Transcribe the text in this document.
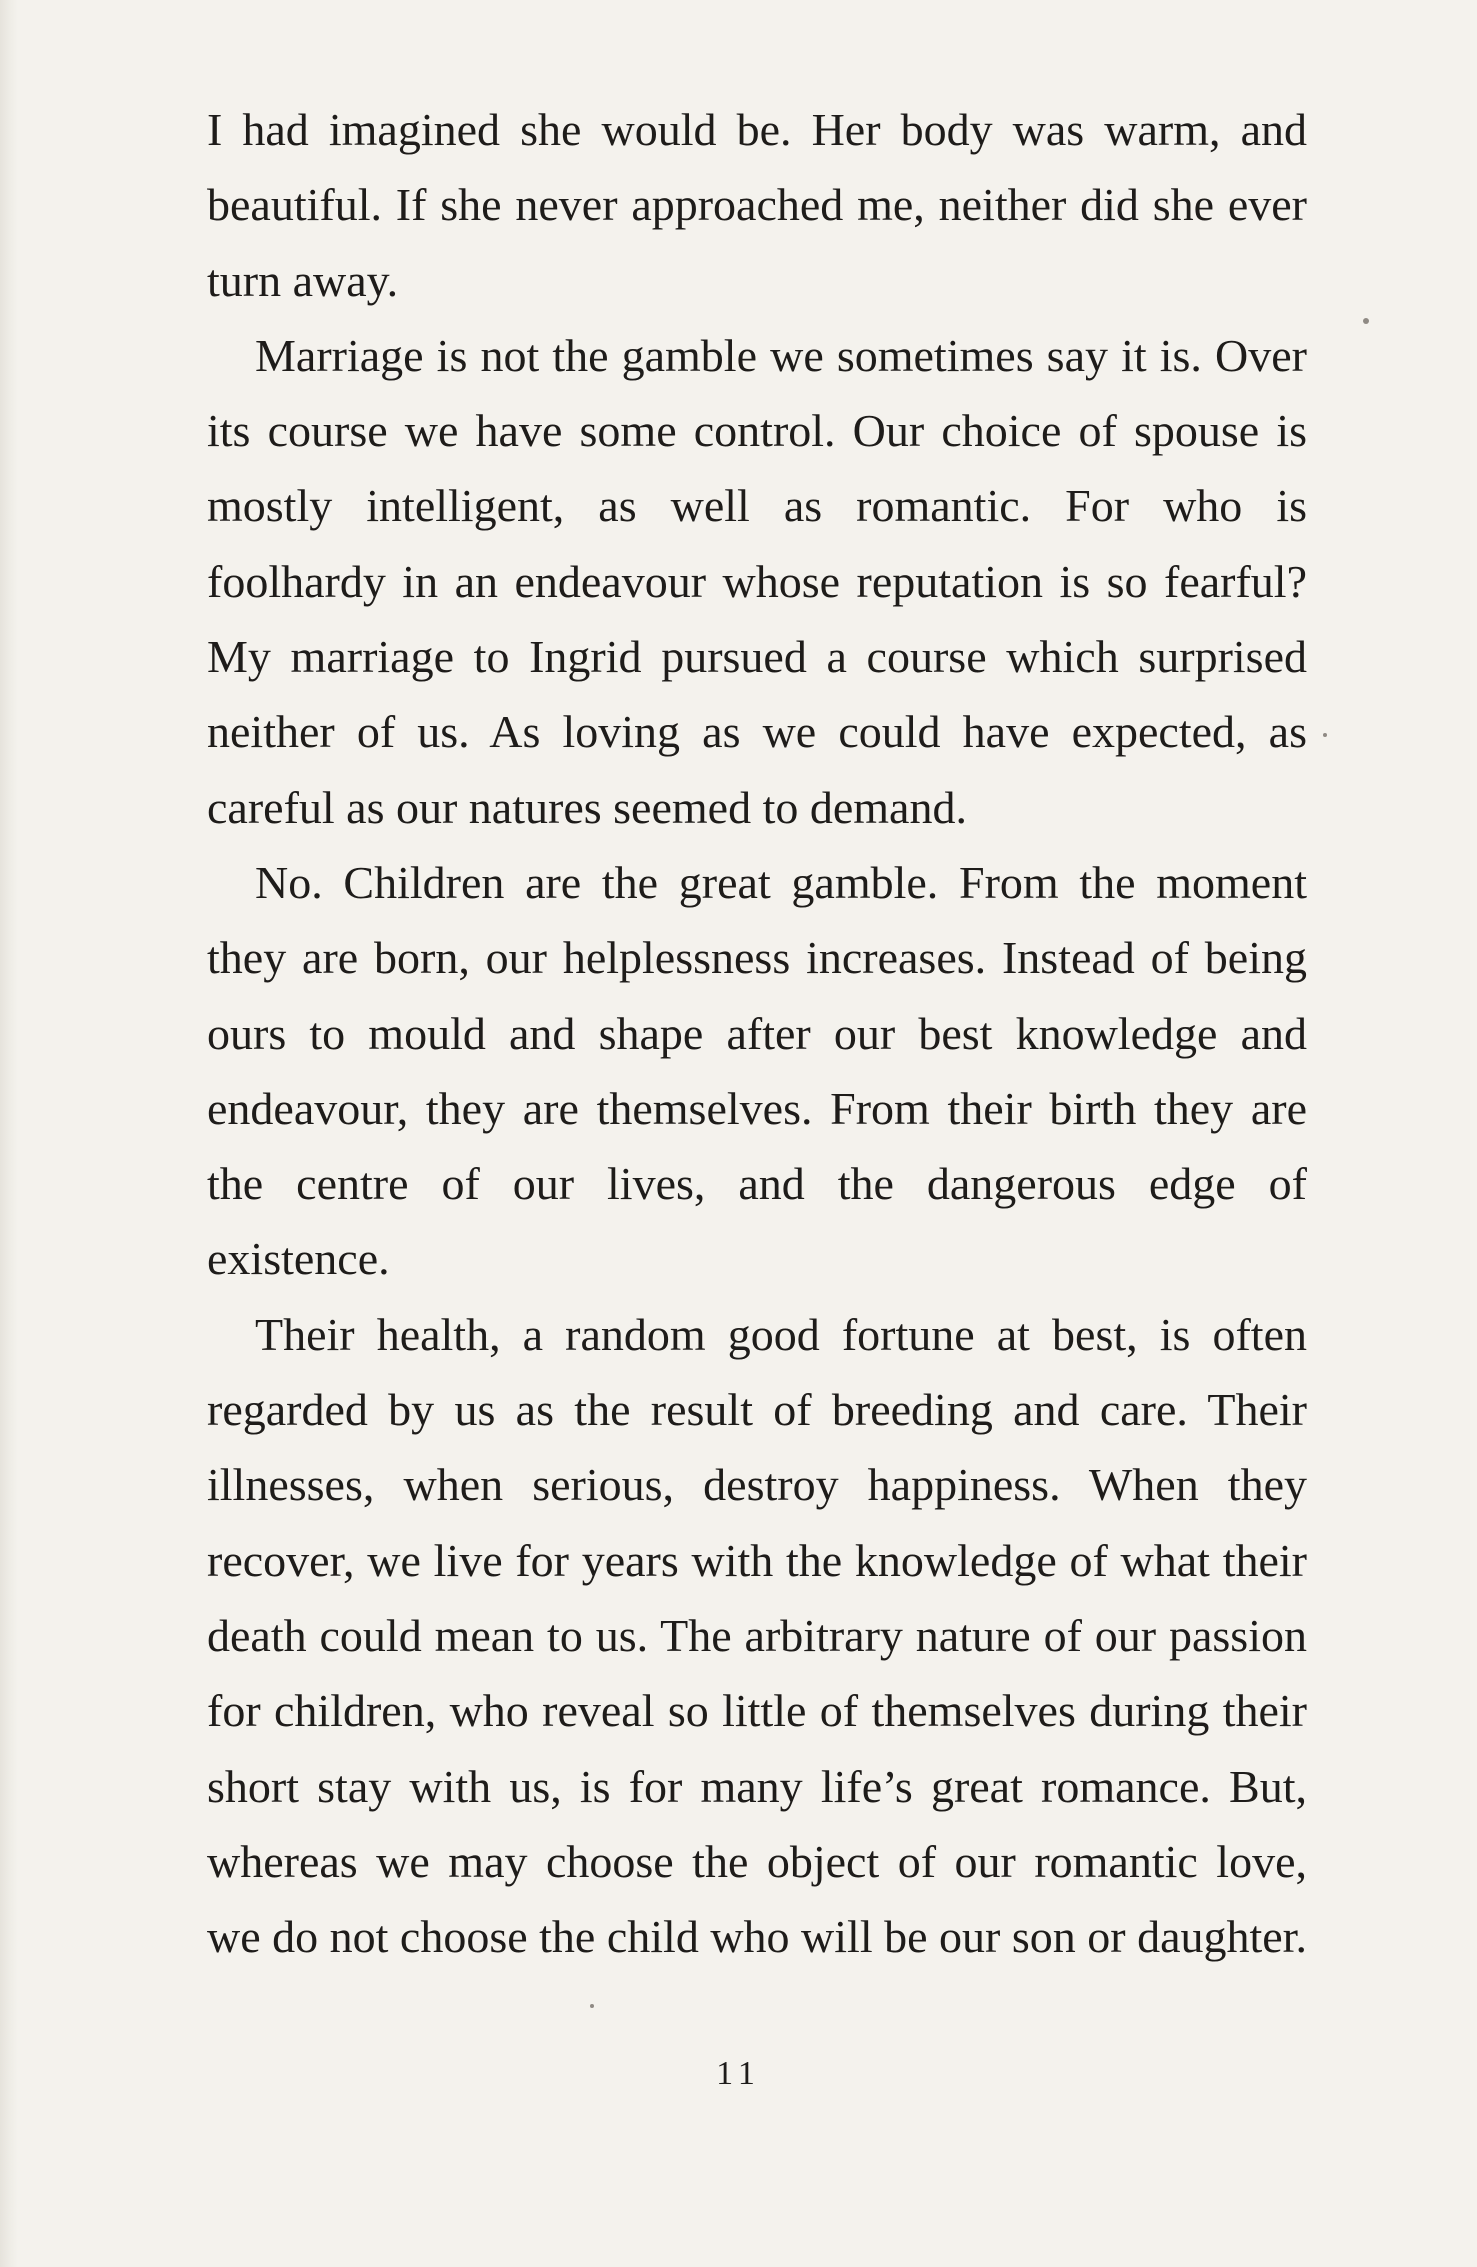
I had imagined she would be. Her body was warm, and beautiful. If she never approached me, neither did she ever turn away.

Marriage is not the gamble we sometimes say it is. Over its course we have some control. Our choice of spouse is mostly intelligent, as well as romantic. For who is foolhardy in an endeavour whose reputation is so fearful? My marriage to Ingrid pursued a course which surprised neither of us. As loving as we could have expected, as careful as our natures seemed to demand.

No. Children are the great gamble. From the moment they are born, our helplessness increases. Instead of being ours to mould and shape after our best knowledge and endeavour, they are themselves. From their birth they are the centre of our lives, and the dangerous edge of existence.

Their health, a random good fortune at best, is often regarded by us as the result of breeding and care. Their illnesses, when serious, destroy happiness. When they recover, we live for years with the knowledge of what their death could mean to us. The arbitrary nature of our passion for children, who reveal so little of themselves during their short stay with us, is for many life’s great romance. But, whereas we may choose the object of our romantic love, we do not choose the child who will be our son or daughter.

11
